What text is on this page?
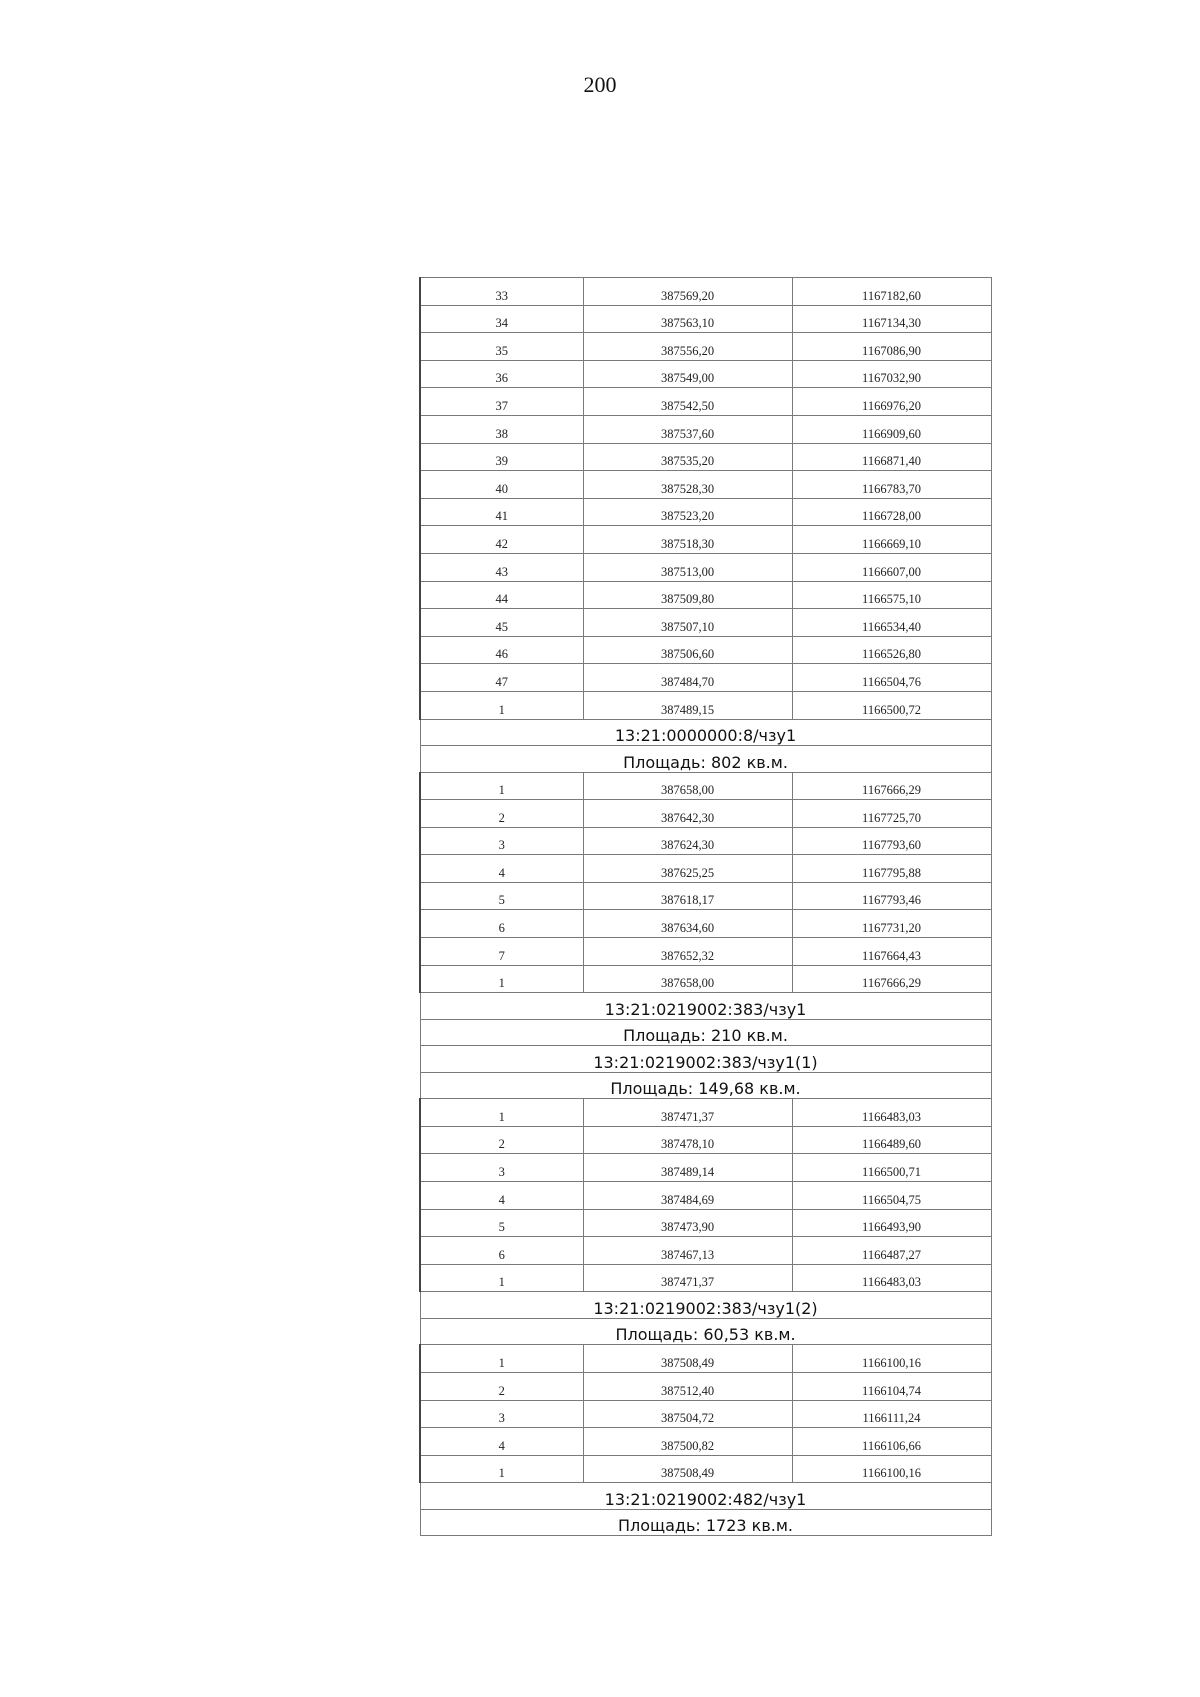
200
33	387569,20	1167182,60
34	387563,10	1167134,30
35	387556,20	1167086,90
36	387549,00	1167032,90
37	387542,50	1166976,20
38	387537,60	1166909,60
39	387535,20	1166871,40
40	387528,30	1166783,70
41	387523,20	1166728,00
42	387518,30	1166669,10
43	387513,00	1166607,00
44	387509,80	1166575,10
45	387507,10	1166534,40
46	387506,60	1166526,80
47	387484,70	1166504,76
1	387489,15	1166500,72
13:21:0000000:8/чзу1		
Площадь: 802 кв.м.		
1	387658,00	1167666,29
2	387642,30	1167725,70
3	387624,30	1167793,60
4	387625,25	1167795,88
5	387618,17	1167793,46
6	387634,60	1167731,20
7	387652,32	1167664,43
1	387658,00	1167666,29
13:21:0219002:383/чзу1		
Площадь: 210 кв.м.		
13:21:0219002:383/чзу1(1)		
Площадь: 149,68 кв.м.		
1	387471,37	1166483,03
2	387478,10	1166489,60
3	387489,14	1166500,71
4	387484,69	1166504,75
5	387473,90	1166493,90
6	387467,13	1166487,27
1	387471,37	1166483,03
13:21:0219002:383/чзу1(2)		
Площадь: 60,53 кв.м.		
1	387508,49	1166100,16
2	387512,40	1166104,74
3	387504,72	1166111,24
4	387500,82	1166106,66
1	387508,49	1166100,16
13:21:0219002:482/чзу1		
Площадь: 1723 кв.м.		
